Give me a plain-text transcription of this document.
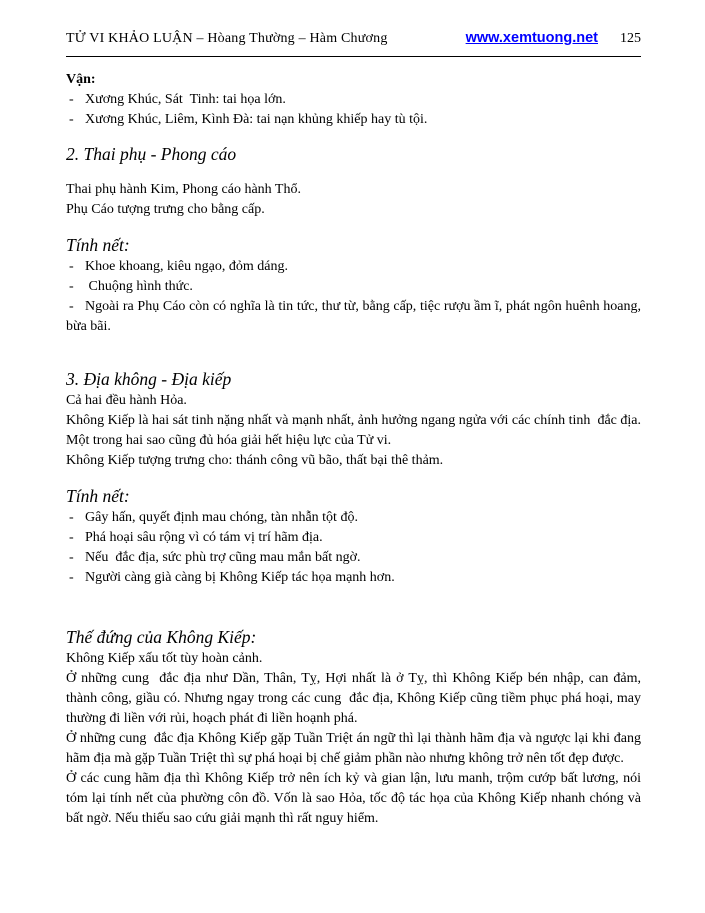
TỬ VI KHẢO LUẬN – Hòang Thường – Hàm Chương	www.xemtuong.net 125

Vận:

- Xương Khúc, Sát  Tinh: tai họa lớn.

- Xương Khúc, Liêm, Kình Đà: tai nạn khủng khiếp hay tù tội.

2. Thai phụ - Phong cáo

Thai phụ hành Kim, Phong cáo hành Thổ.

Phụ Cáo tượng trưng cho bằng cấp.

Tính nết:

- Khoe khoang, kiêu ngạo, đỏm dáng.

- Chuộng hình thức.

- Ngoài ra Phụ Cáo còn có nghĩa là tin tức, thư từ, bằng cấp, tiệc rượu ầm ĩ, phát ngôn huênh hoang, bừa bãi.

3. Địa không - Địa kiếp

Cả hai đều hành Hỏa.

Không Kiếp là hai sát tinh nặng nhất và mạnh nhất, ảnh hưởng ngang ngửa với các chính tinh  đắc địa. Một trong hai sao cũng đủ hóa giải hết hiệu lực của Tử vi.

Không Kiếp tượng trưng cho: thánh công vũ bão, thất bại thê thảm.

Tính nết:

- Gây hấn, quyết định mau chóng, tàn nhẫn tột độ.

- Phá hoại sâu rộng vì có tám vị trí hãm địa.

- Nếu  đắc địa, sức phù trợ cũng mau mắn bất ngờ.

- Người càng già càng bị Không Kiếp tác họa mạnh hơn.

Thế đứng của Không Kiếp:

Không Kiếp xấu tốt tùy hoàn cảnh.

Ở những cung  đắc địa như Dần, Thân, Tỵ, Hợi nhất là ở Tỵ, thì Không Kiếp bén nhập, can đảm, thành công, giầu có. Nhưng ngay trong các cung  đắc địa, Không Kiếp cũng tiềm phục phá hoại, may thường đi liền với rủi, hoạch phát đi liền hoạnh phá.

Ở những cung  đắc địa Không Kiếp gặp Tuần Triệt án ngữ thì lại thành hãm địa và ngược lại khi đang hãm địa mà gặp Tuần Triệt thì sự phá hoại bị chế giảm phần nào nhưng không trở nên tốt đẹp được.

Ở các cung hãm địa thì Không Kiếp trở nên ích kỷ và gian lận, lưu manh, trộm cướp bất lương, nói tóm lại tính nết của phường côn đồ. Vốn là sao Hỏa, tốc độ tác họa của Không Kiếp nhanh chóng và bất ngờ. Nếu thiếu sao cứu giải mạnh thì rất nguy hiểm.
